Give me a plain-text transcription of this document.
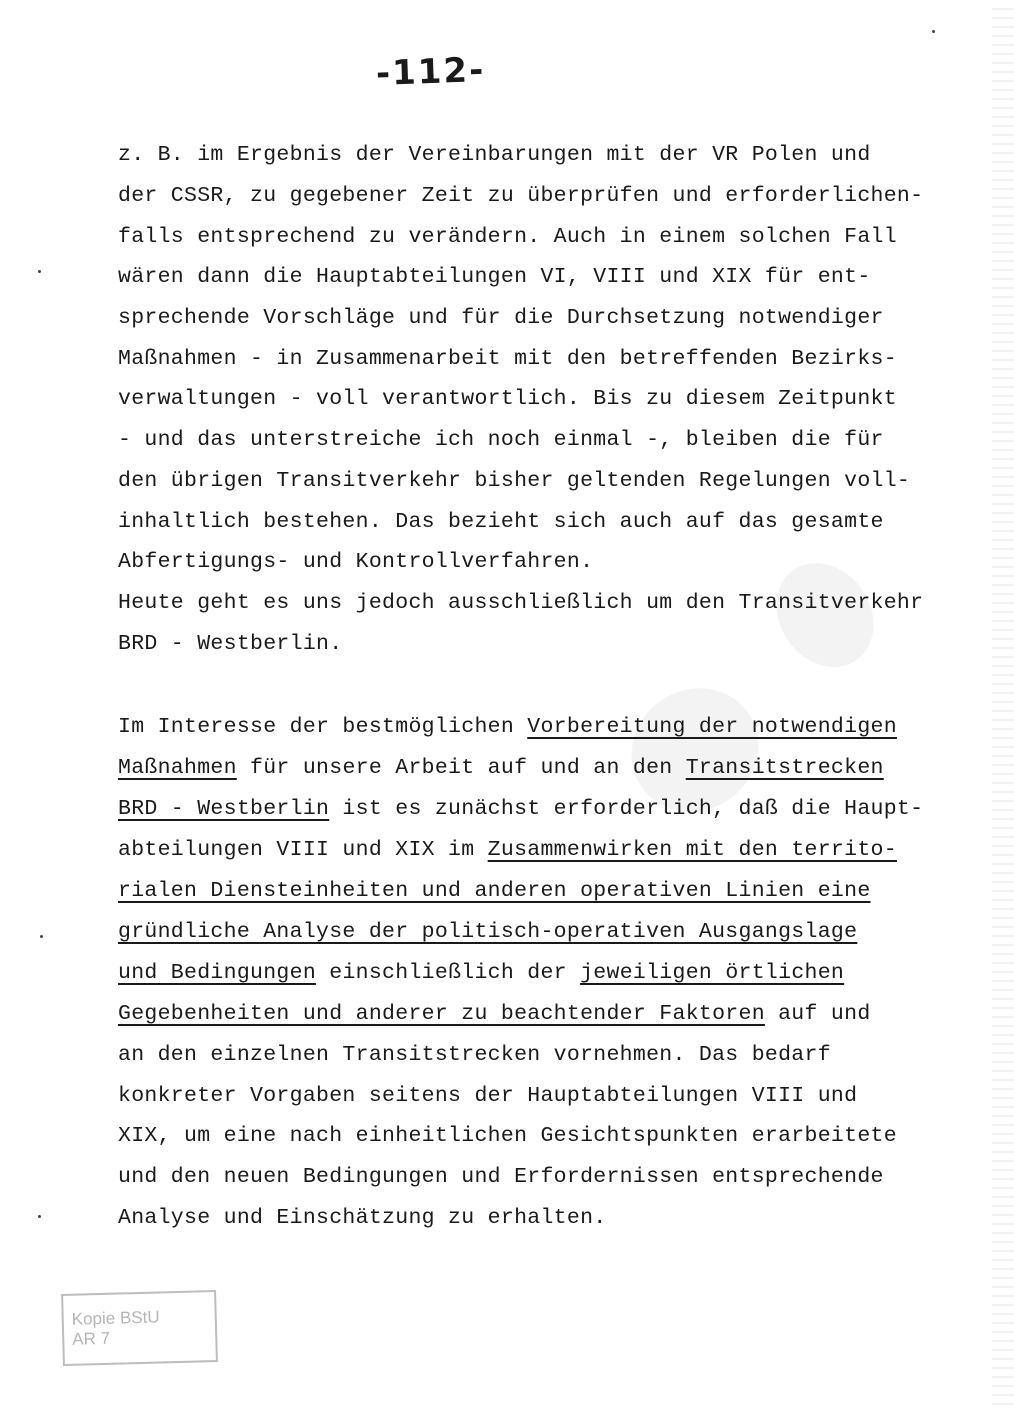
-112-
z. B. im Ergebnis der Vereinbarungen mit der VR Polen und
der CSSR, zu gegebener Zeit zu überprüfen und erforderlichen-
falls entsprechend zu verändern. Auch in einem solchen Fall
wären dann die Hauptabteilungen VI, VIII und XIX für ent-
sprechende Vorschläge und für die Durchsetzung notwendiger
Maßnahmen - in Zusammenarbeit mit den betreffenden Bezirks-
verwaltungen - voll verantwortlich. Bis zu diesem Zeitpunkt
- und das unterstreiche ich noch einmal -, bleiben die für
den übrigen Transitverkehr bisher geltenden Regelungen voll-
inhaltlich bestehen. Das bezieht sich auch auf das gesamte
Abfertigungs- und Kontrollverfahren.
Heute geht es uns jedoch ausschließlich um den Transitverkehr
BRD - Westberlin.
Im Interesse der bestmöglichen Vorbereitung der notwendigen
Maßnahmen für unsere Arbeit auf und an den Transitstrecken
BRD - Westberlin ist es zunächst erforderlich, daß die Haupt-
abteilungen VIII und XIX im Zusammenwirken mit den territo-
rialen Diensteinheiten und anderen operativen Linien eine
gründliche Analyse der politisch-operativen Ausgangslage
und Bedingungen einschließlich der jeweiligen örtlichen
Gegebenheiten und anderer zu beachtender Faktoren auf und
an den einzelnen Transitstrecken vornehmen. Das bedarf
konkreter Vorgaben seitens der Hauptabteilungen VIII und
XIX, um eine nach einheitlichen Gesichtspunkten erarbeitete
und den neuen Bedingungen und Erfordernissen entsprechende
Analyse und Einschätzung zu erhalten.
Kopie BStU
AR 7
